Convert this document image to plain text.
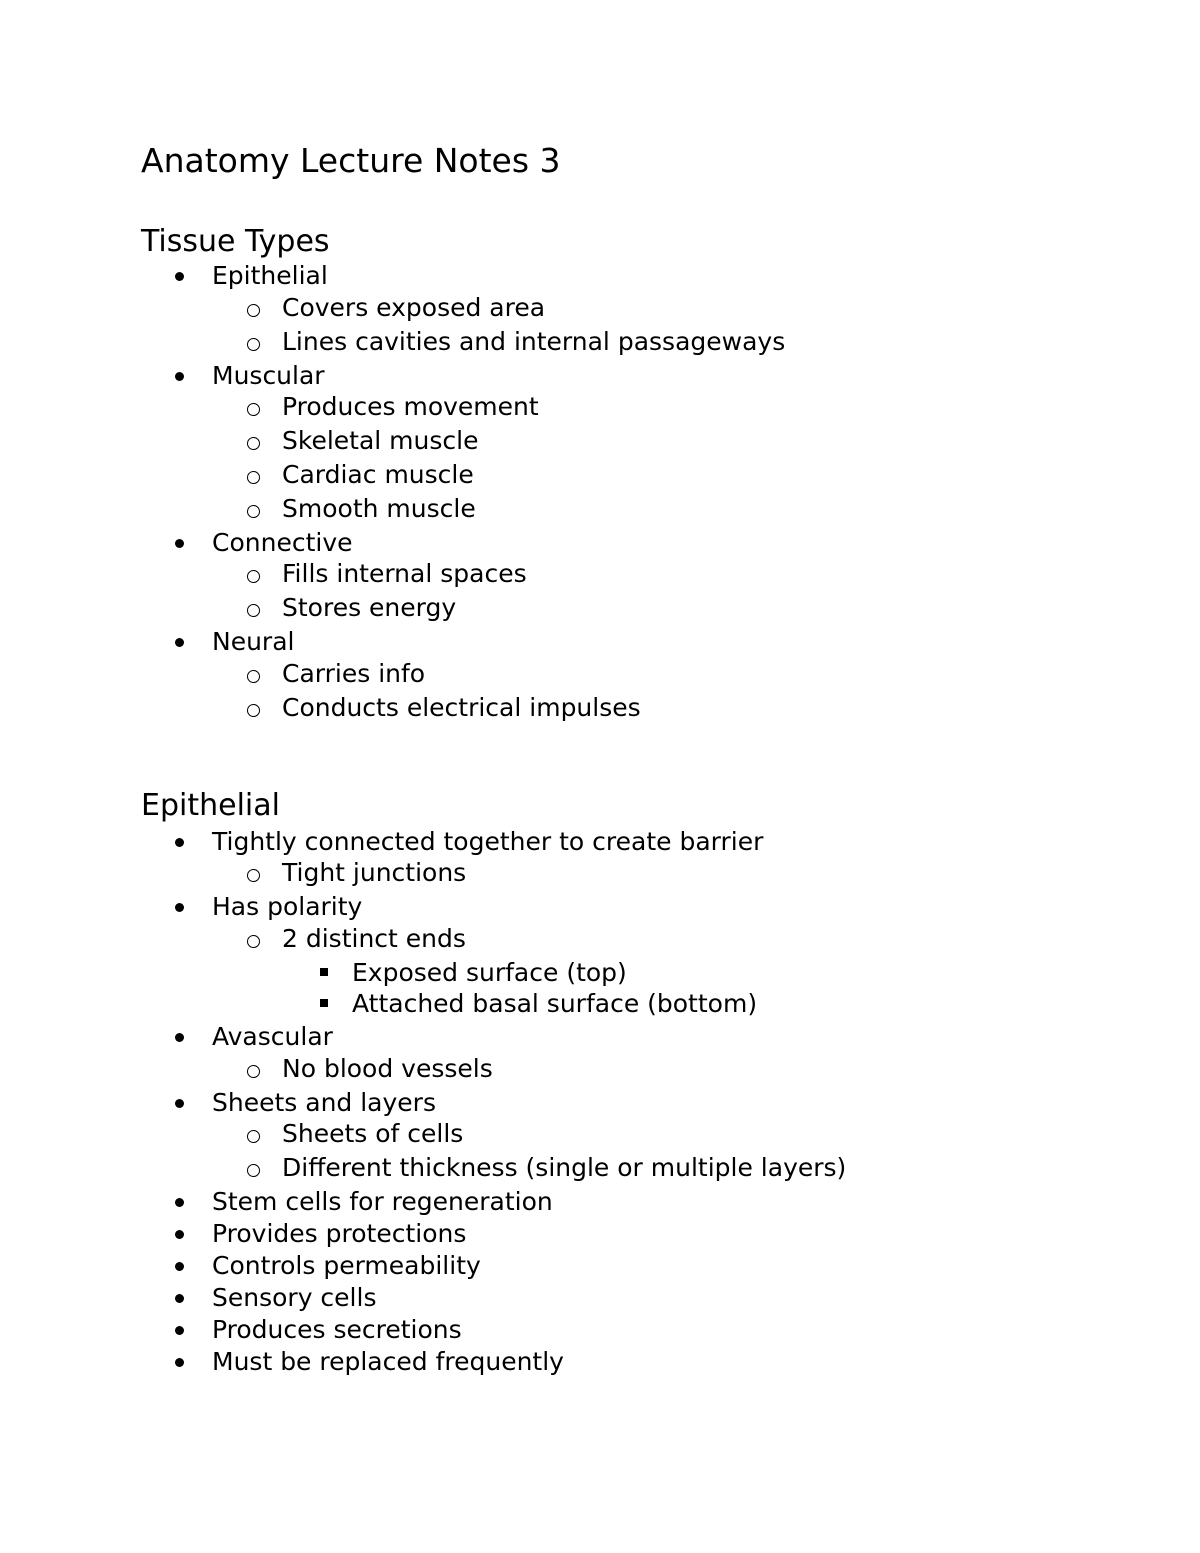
Anatomy Lecture Notes 3
Tissue Types
Epithelial
Covers exposed area
Lines cavities and internal passageways
Muscular
Produces movement
Skeletal muscle
Cardiac muscle
Smooth muscle
Connective
Fills internal spaces
Stores energy
Neural
Carries info
Conducts electrical impulses
Epithelial
Tightly connected together to create barrier
Tight junctions
Has polarity
2 distinct ends
Exposed surface (top)
Attached basal surface (bottom)
Avascular
No blood vessels
Sheets and layers
Sheets of cells
Different thickness (single or multiple layers)
Stem cells for regeneration
Provides protections
Controls permeability
Sensory cells
Produces secretions
Must be replaced frequently
